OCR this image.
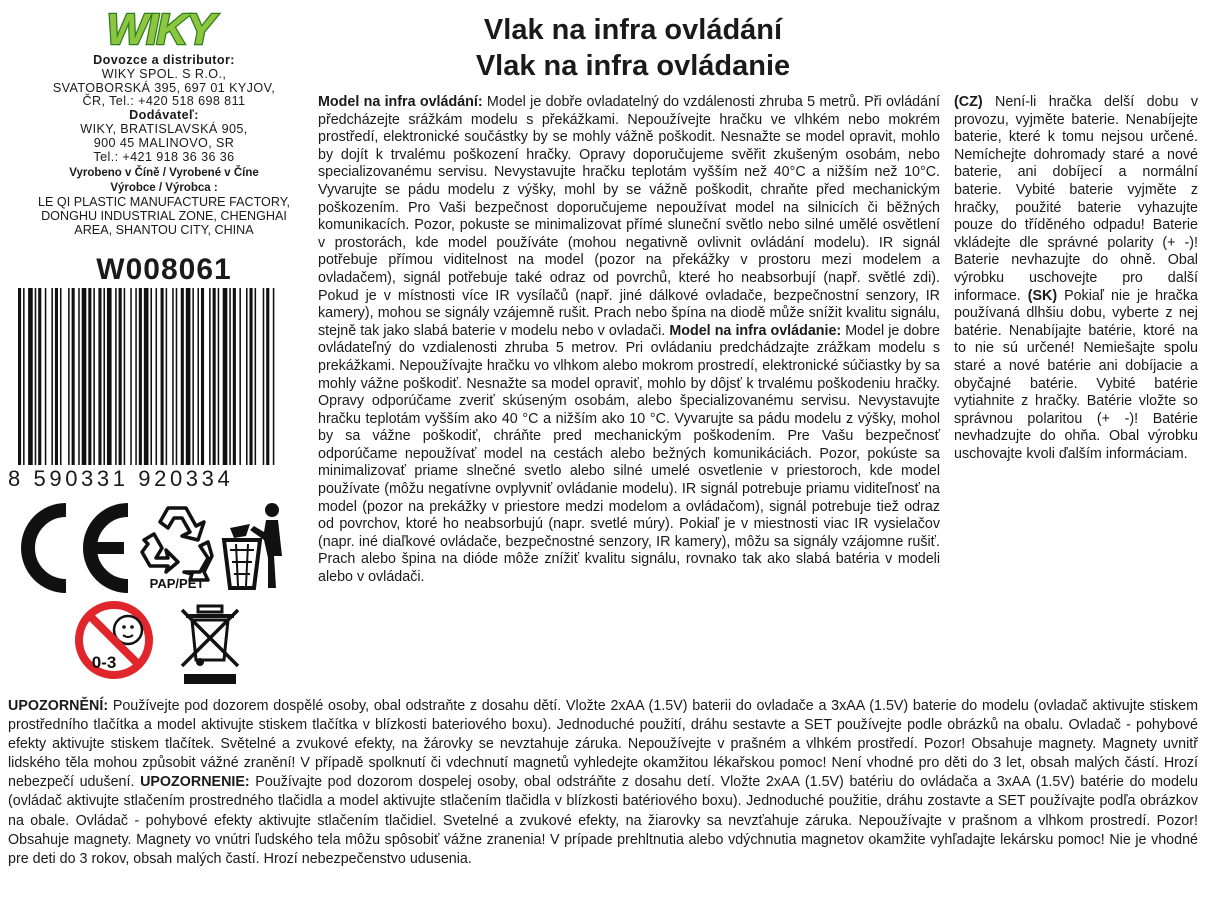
WIKY
Dovozce a distributor:
WIKY SPOL. S R.O.,
SVATOBORSKÁ 395, 697 01 KYJOV,
ČR, Tel.: +420 518 698 811
Dodávateľ:
WIKY, BRATISLAVSKÁ 905,
900 45 MALINOVO, SR
Tel.: +421 918 36 36 36
Vyrobeno v Číně / Vyrobené v Číne
Výrobce / Výrobca :
LE QI PLASTIC MANUFACTURE FACTORY,
DONGHU INDUSTRIAL ZONE, CHENGHAI
AREA, SHANTOU CITY, CHINA
W008061
8 590331 920334
PAP/PET
0-3
Vlak na infra ovládání
Vlak na infra ovládanie
Model na infra ovládání: Model je dobře ovladatelný do vzdálenosti zhruba 5 metrů. Při ovládání předcházejte srážkám modelu s překážkami. Nepoužívejte hračku ve vlhkém nebo mokrém prostředí, elektronické součástky by se mohly vážně poškodit. Nesnažte se model opravit, mohlo by dojít k trvalému poškození hračky. Opravy doporučujeme svěřit zkušeným osobám, nebo specializovanému servisu. Nevystavujte hračku teplotám vyšším než 40°C a nižším než 10°C. Vyvarujte se pádu modelu z výšky, mohl by se vážně poškodit, chraňte před mechanickým poškozením. Pro Vaši bezpečnost doporučujeme nepoužívat model na silnicích či běžných komunikacích. Pozor, pokuste se minimalizovat přímé sluneční světlo nebo silné umělé osvětlení v prostorách, kde model používáte (mohou negativně ovlivnit ovládání modelu). IR signál potřebuje přímou viditelnost na model (pozor na překážky v prostoru mezi modelem a ovladačem), signál potřebuje také odraz od povrchů, které ho neabsorbují (např. světlé zdi). Pokud je v místnosti více IR vysílačů (např. jiné dálkové ovladače, bezpečnostní senzory, IR kamery), mohou se signály vzájemně rušit. Prach nebo špína na diodě může snížit kvalitu signálu, stejně tak jako slabá baterie v modelu nebo v ovladači. Model na infra ovládanie: Model je dobre ovládateľný do vzdialenosti zhruba 5 metrov. Pri ovládaniu predchádzajte zrážkam modelu s prekážkami. Nepoužívajte hračku vo vlhkom alebo mokrom prostredí, elektronické súčiastky by sa mohly vážne poškodiť. Nesnažte sa model opraviť, mohlo by dôjsť k trvalému poškodeniu hračky. Opravy odporúčame zveriť skúseným osobám, alebo špecializovanému servisu. Nevystavujte hračku teplotám vyšším ako 40 °C a nižším ako 10 °C. Vyvarujte sa pádu modelu z výšky, mohol by sa vážne poškodiť, chráňte pred mechanickým poškodením. Pre Vašu bezpečnosť odporúčame nepoužívať model na cestách alebo bežných komunikáciách. Pozor, pokúste sa minimalizovať priame slnečné svetlo alebo silné umelé osvetlenie v priestoroch, kde model používate (môžu negatívne ovplyvniť ovládanie modelu). IR signál potrebuje priamu viditeľnosť na model (pozor na prekážky v priestore medzi modelom a ovládačom), signál potrebuje tiež odraz od povrchov, ktoré ho neabsorbujú (napr. svetlé múry). Pokiaľ je v miestnosti viac IR vysielačov (napr. iné diaľkové ovládače, bezpečnostné senzory, IR kamery), môžu sa signály vzájomne rušiť. Prach alebo špina na dióde môže znížiť kvalitu signálu, rovnako tak ako slabá batéria v modeli alebo v ovládači.
(CZ) Není-li hračka delší dobu v provozu, vyjměte baterie. Nenabíjejte baterie, které k tomu nejsou určené. Nemíchejte dohromady staré a nové baterie, ani dobíjecí a normální baterie. Vybité baterie vyjměte z hračky, použité baterie vyhazujte pouze do tříděného odpadu! Baterie vkládejte dle správné polarity (+ -)! Baterie nevhazujte do ohně. Obal výrobku uschovejte pro další informace. (SK) Pokiaľ nie je hračka používaná dlhšiu dobu, vyberte z nej batérie. Nenabíjajte batérie, ktoré na to nie sú určené! Nemiešajte spolu staré a nové batérie ani dobíjacie a obyčajné batérie. Vybité batérie vytiahnite z hračky. Batérie vložte so správnou polaritou (+ -)! Batérie nevhadzujte do ohňa. Obal výrobku uschovajte kvoli ďalším informáciam.
UPOZORNĚNÍ: Používejte pod dozorem dospělé osoby, obal odstraňte z dosahu dětí. Vložte 2xAA (1.5V) baterii do ovladače a 3xAA (1.5V) baterie do modelu (ovladač aktivujte stiskem prostředního tlačítka a model aktivujte stiskem tlačítka v blízkosti bateriového boxu). Jednoduché použití, dráhu sestavte a SET používejte podle obrázků na obalu. Ovladač - pohybové efekty aktivujte stiskem tlačítek. Světelné a zvukové efekty, na žárovky se nevztahuje záruka. Nepoužívejte v prašném a vlhkém prostředí. Pozor! Obsahuje magnety. Magnety uvnitř lidského těla mohou způsobit vážné zranění! V případě spolknutí či vdechnutí magnetů vyhledejte okamžitou lékařskou pomoc! Není vhodné pro děti do 3 let, obsah malých částí. Hrozí nebezpečí udušení. UPOZORNENIE: Používajte pod dozorom dospelej osoby, obal odstráňte z dosahu detí. Vložte 2xAA (1.5V) batériu do ovládača a 3xAA (1.5V) batérie do modelu (ovládač aktivujte stlačením prostredného tlačidla a model aktivujte stlačením tlačidla v blízkosti batériového boxu). Jednoduché použitie, dráhu zostavte a SET používajte podľa obrázkov na obale. Ovládač - pohybové efekty aktivujte stlačením tlačidiel. Svetelné a zvukové efekty, na žiarovky sa nevzťahuje záruka. Nepoužívajte v prašnom a vlhkom prostredí. Pozor! Obsahuje magnety. Magnety vo vnútri ľudského tela môžu spôsobiť vážne zranenia! V prípade prehltnutia alebo vdýchnutia magnetov okamžite vyhľadajte lekársku pomoc! Nie je vhodné pre deti do 3 rokov, obsah malých častí. Hrozí nebezpečenstvo udusenia.
